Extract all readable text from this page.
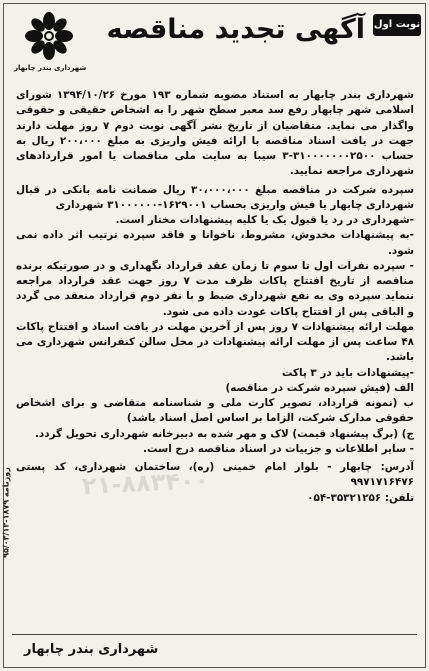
شهرداری بندر چابهار
نوبت اول
آگهی تجدید مناقصه

شهرداری بندر چابهار به استناد مصوبه شماره ۱۹۳ مورخ ۱۳۹۴/۱۰/۲۶ شورای اسلامی شهر چابهار رفع سد معبر سطح شهر را به اشخاص حقیقی و حقوقی واگذار می نماید. متقاضیان از تاریخ نشر آگهی نوبت دوم ۷ روز مهلت دارند جهت در یافت اسناد مناقصه با ارائه فیش واریزی به مبلغ ۲۰۰،۰۰۰ ریال به حساب ۳۱۰۰۰۰۰۰۰۲۵۰۰-۳ سیبا به سایت ملی مناقصات یا امور قراردادهای شهرداری مراجعه نمایید.

سپرده شرکت در مناقصه مبلغ ۳۰،۰۰۰،۰۰۰ ریال ضمانت نامه بانکی در قبال شهرداری چابهار یا فیش واریزی بحساب ۱۶۲۹۰۰۱-۳۱۰۰۰۰۰۰ شهرداری

-شهرداری در رد یا قبول یک یا کلیه پیشنهادات مختار است.

-به پیشنهادات مخدوش، مشروط، ناخوانا و فاقد سپرده ترتیب اثر داده نمی شود.

- سپرده نفرات اول تا سوم تا زمان عقد قرارداد نگهداری و در صورتیکه برنده مناقصه از تاریخ افتتاح پاکات ظرف مدت ۷ روز جهت عقد قرارداد مراجعه ننماید سپرده وی به نفع شهرداری ضبط و با نفر دوم قرارداد منعقد می گردد و الباقی پس از افتتاح پاکات عودت داده می شود.

مهلت ارائه پیشنهادات ۷ روز پس از آخرین مهلت در یافت اسناد و افتتاح پاکات ۴۸ ساعت پس از مهلت ارائه پیشنهادات در محل سالن کنفرانس شهرداری می باشد.

-پیشنهادات باید در ۳ پاکت

الف (فیش سپرده شرکت در مناقصه)

ب (نمونه قرارداد، تصویر کارت ملی و شناسنامه متقاضی و برای اشخاص حقوقی مدارک شرکت، الزاما بر اساس اصل اسناد باشد)

ج) (برگ پیشنهاد قیمت) لاک و مهر شده به دبیرخانه شهرداری تحویل گردد.

- سایر اطلاعات و جزییات در اسناد مناقصه درج است.

آدرس: چابهار - بلوار امام خمینی (ره)، ساختمان شهرداری، کد پستی ۹۹۷۱۷۱۶۴۷۶

تلفن: ۳۵۳۲۱۲۵۶-۰۵۴

۲۱-۸۸۳۴۰۰
شهرداری بندر چابهار
روزنامه ۱۸۷۹-۹۵/۰۳/۱۲
